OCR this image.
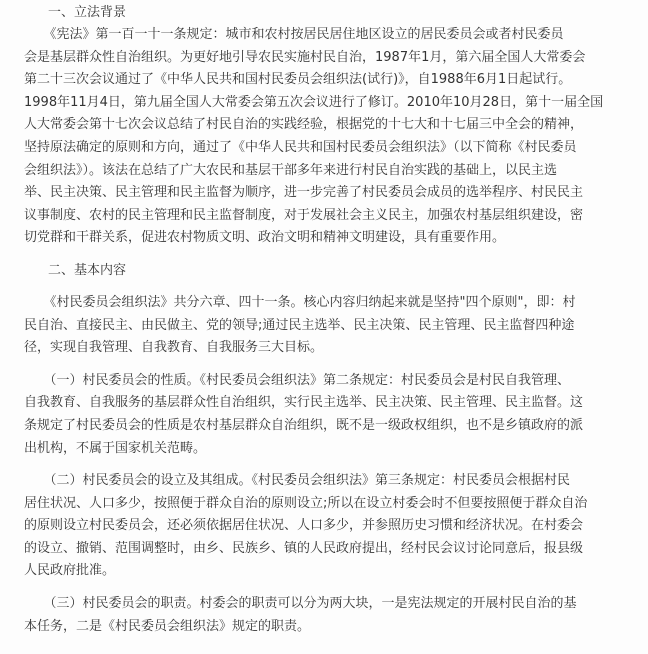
一、立法背景

　　《宪法》第一百一十一条规定：城市和农村按居民居住地区设立的居民委员会或者村民委员
会是基层群众性自治组织。为更好地引导农民实施村民自治，1987年1月，第六届全国人大常委会
第二十三次会议通过了《中华人民共和国村民委员会组织法(试行)》，自1988年6月1日起试行。
1998年11月4日，第九届全国人大常委会第五次会议进行了修订。2010年10月28日，第十一届全国
人大常委会第十七次会议总结了村民自治的实践经验，根据党的十七大和十七届三中全会的精神，
坚持原法确定的原则和方向，通过了《中华人民共和国村民委员会组织法》（以下简称《村民委员
会组织法》）。该法在总结了广大农民和基层干部多年来进行村民自治实践的基础上，以民主选
举、民主决策、民主管理和民主监督为顺序，进一步完善了村民委员会成员的选举程序、村民民主
议事制度、农村的民主管理和民主监督制度，对于发展社会主义民主，加强农村基层组织建设，密
切党群和干群关系，促进农村物质文明、政治文明和精神文明建设，具有重要作用。

二、基本内容

　　《村民委员会组织法》共分六章、四十一条。核心内容归纳起来就是坚持"四个原则"，即：村
民自治、直接民主、由民做主、党的领导;通过民主选举、民主决策、民主管理、民主监督四种途
径，实现自我管理、自我教育、自我服务三大目标。

　　（一）村民委员会的性质。《村民委员会组织法》第二条规定：村民委员会是村民自我管理、
自我教育、自我服务的基层群众性自治组织，实行民主选举、民主决策、民主管理、民主监督。这
条规定了村民委员会的性质是农村基层群众自治组织，既不是一级政权组织，也不是乡镇政府的派
出机构，不属于国家机关范畴。

　　（二）村民委员会的设立及其组成。《村民委员会组织法》第三条规定：村民委员会根据村民
居住状况、人口多少，按照便于群众自治的原则设立;所以在设立村委会时不但要按照便于群众自治
的原则设立村民委员会，还必须依据居住状况、人口多少，并参照历史习惯和经济状况。在村委会
的设立、撤销、范围调整时，由乡、民族乡、镇的人民政府提出，经村民会议讨论同意后，报县级
人民政府批准。

　　（三）村民委员会的职责。村委会的职责可以分为两大块，一是宪法规定的开展村民自治的基
本任务，二是《村民委员会组织法》规定的职责。
